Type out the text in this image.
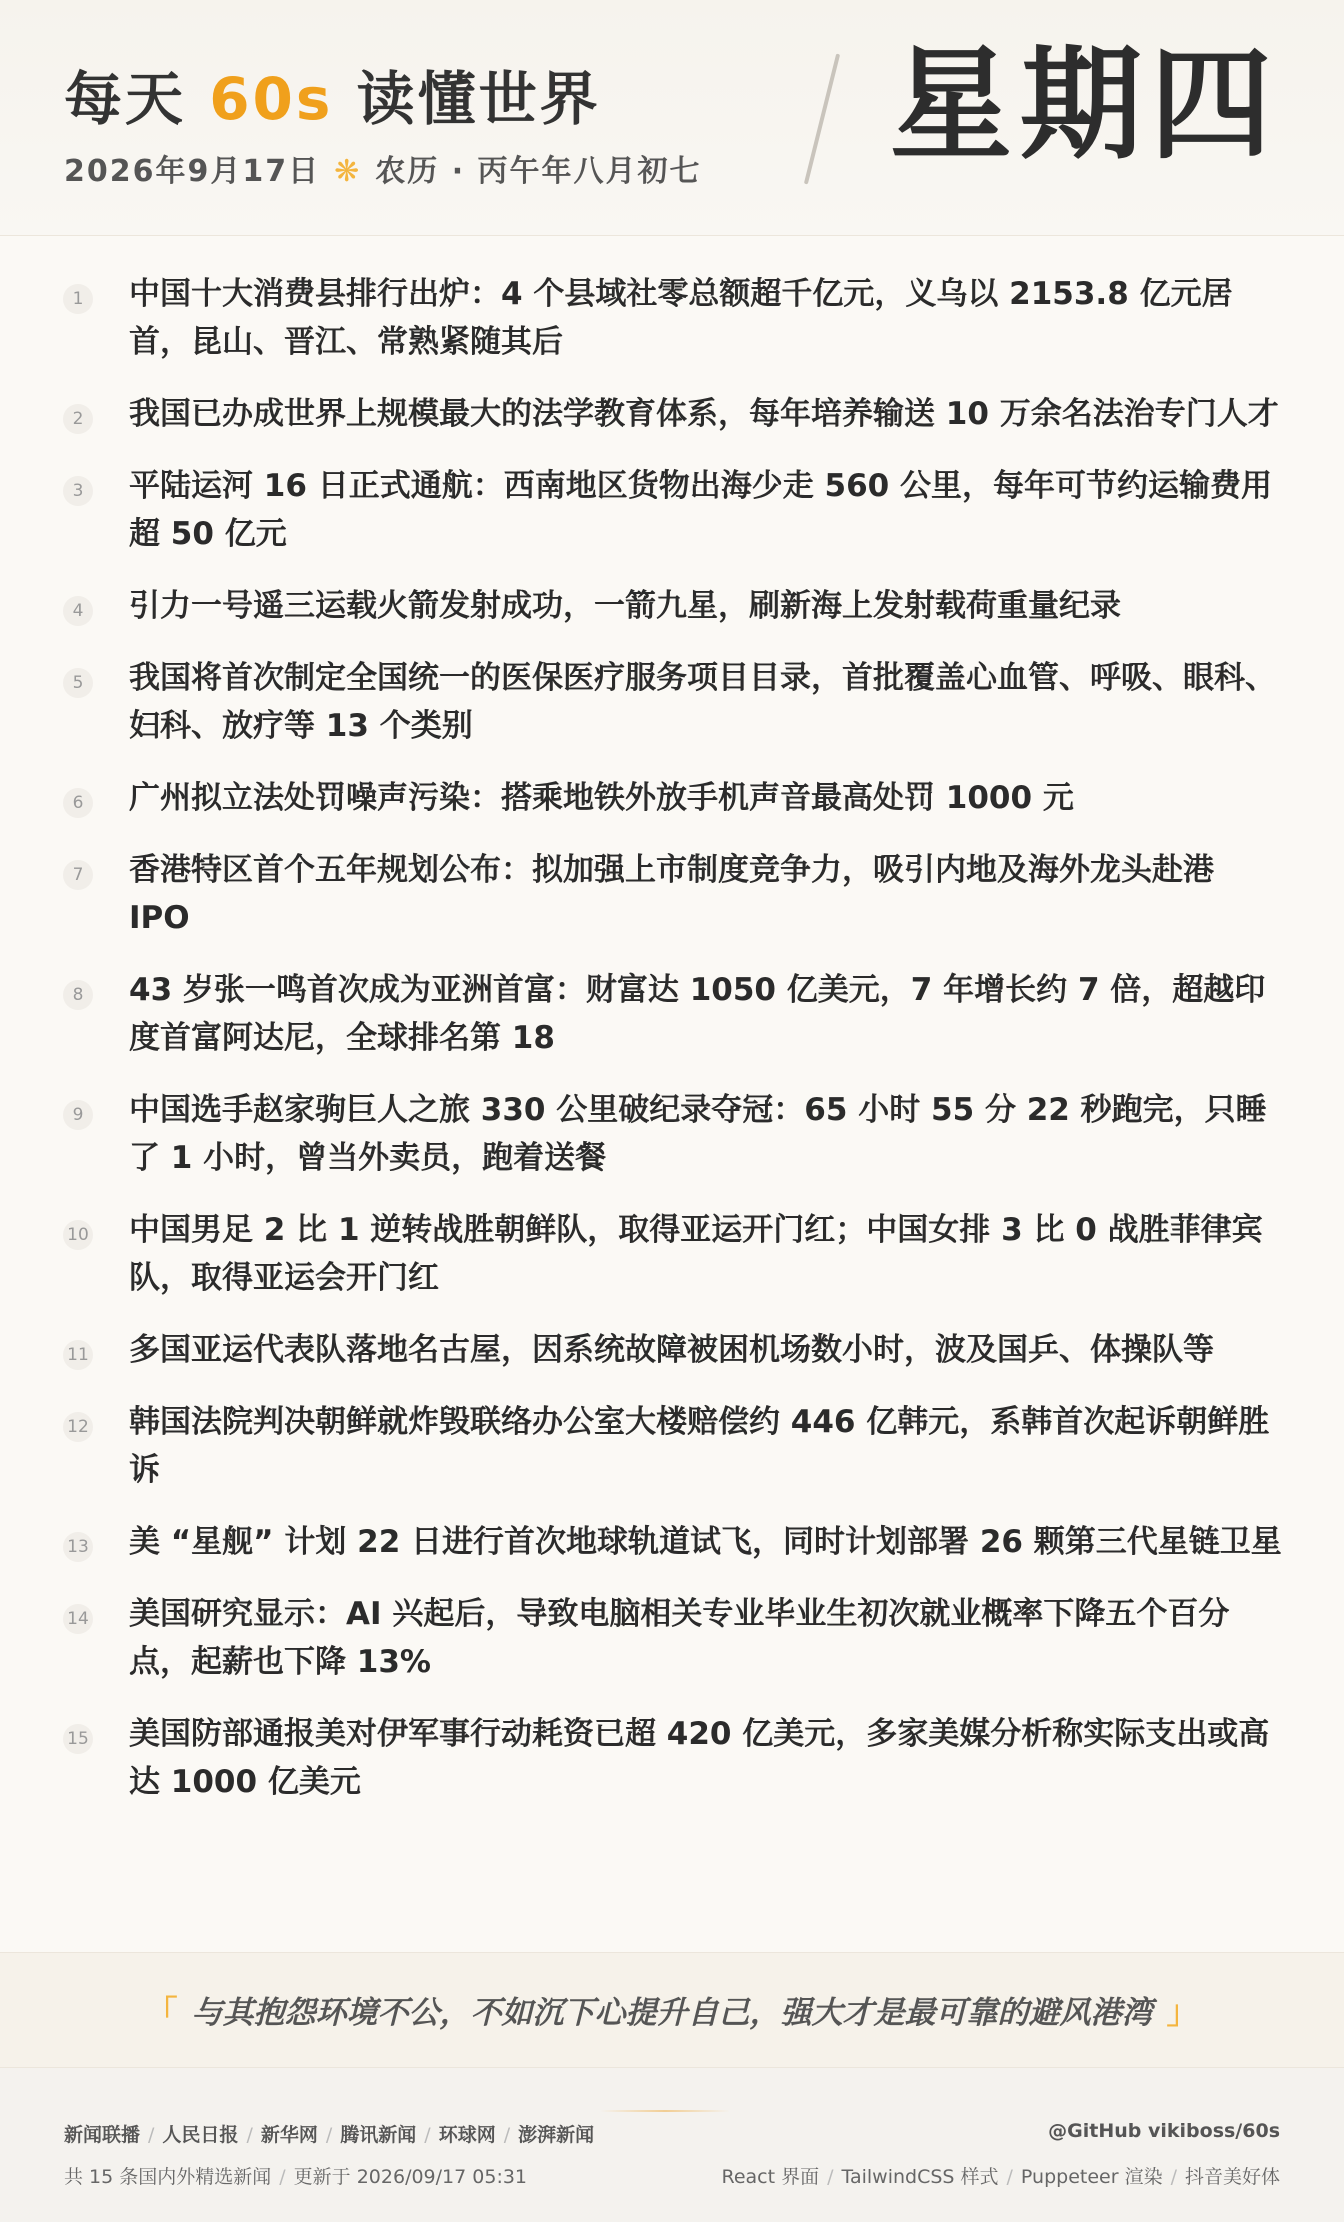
每天 60s 读懂世界
2026年9月17日 ❋ 农历 · 丙午年八月初七 星期四
1	中国十大消费县排行出炉：4 个县域社零总额超千亿元，义乌以 2153.8 亿元居首，昆山、晋江、常熟紧随其后
2	我国已办成世界上规模最大的法学教育体系，每年培养输送 10 万余名法治专门人才
3	平陆运河 16 日正式通航：西南地区货物出海少走 560 公里，每年可节约运输费用超 50 亿元
4	引力一号遥三运载火箭发射成功，一箭九星，刷新海上发射载荷重量纪录
5	我国将首次制定全国统一的医保医疗服务项目目录，首批覆盖心血管、呼吸、眼科、妇科、放疗等 13 个类别
6	广州拟立法处罚噪声污染：搭乘地铁外放手机声音最高处罚 1000 元
7	香港特区首个五年规划公布：拟加强上市制度竞争力，吸引内地及海外龙头赴港 IPO
8	43 岁张一鸣首次成为亚洲首富：财富达 1050 亿美元，7 年增长约 7 倍，超越印度首富阿达尼，全球排名第 18
9	中国选手赵家驹巨人之旅 330 公里破纪录夺冠：65 小时 55 分 22 秒跑完，只睡了 1 小时，曾当外卖员，跑着送餐
10 中国男足 2 比 1 逆转战胜朝鲜队，取得亚运开门红；中国女排 3 比 0 战胜菲律宾队，取得亚运会开门红
11 多国亚运代表队落地名古屋，因系统故障被困机场数小时，波及国乒、体操队等
12 韩国法院判决朝鲜就炸毁联络办公室大楼赔偿约 446 亿韩元，系韩首次起诉朝鲜胜诉
13 美 “星舰” 计划 22 日进行首次地球轨道试飞，同时计划部署 26 颗第三代星链卫星
14 美国研究显示：AI 兴起后，导致电脑相关专业毕业生初次就业概率下降五个百分点，起薪也下降 13%
15 美国防部通报美对伊军事行动耗资已超 420 亿美元，多家美媒分析称实际支出或高达 1000 亿美元
「 与其抱怨环境不公，不如沉下心提升自己，强大才是最可靠的避风港湾 」
新闻联播 / 人民日报 / 新华网 / 腾讯新闻 / 环球网 / 澎湃新闻	@GitHub vikiboss/60s
共 15 条国内外精选新闻 / 更新于 2026/09/17 05:31	React 界面 / TailwindCSS 样式 / Puppeteer 渲染 / 抖音美好体
